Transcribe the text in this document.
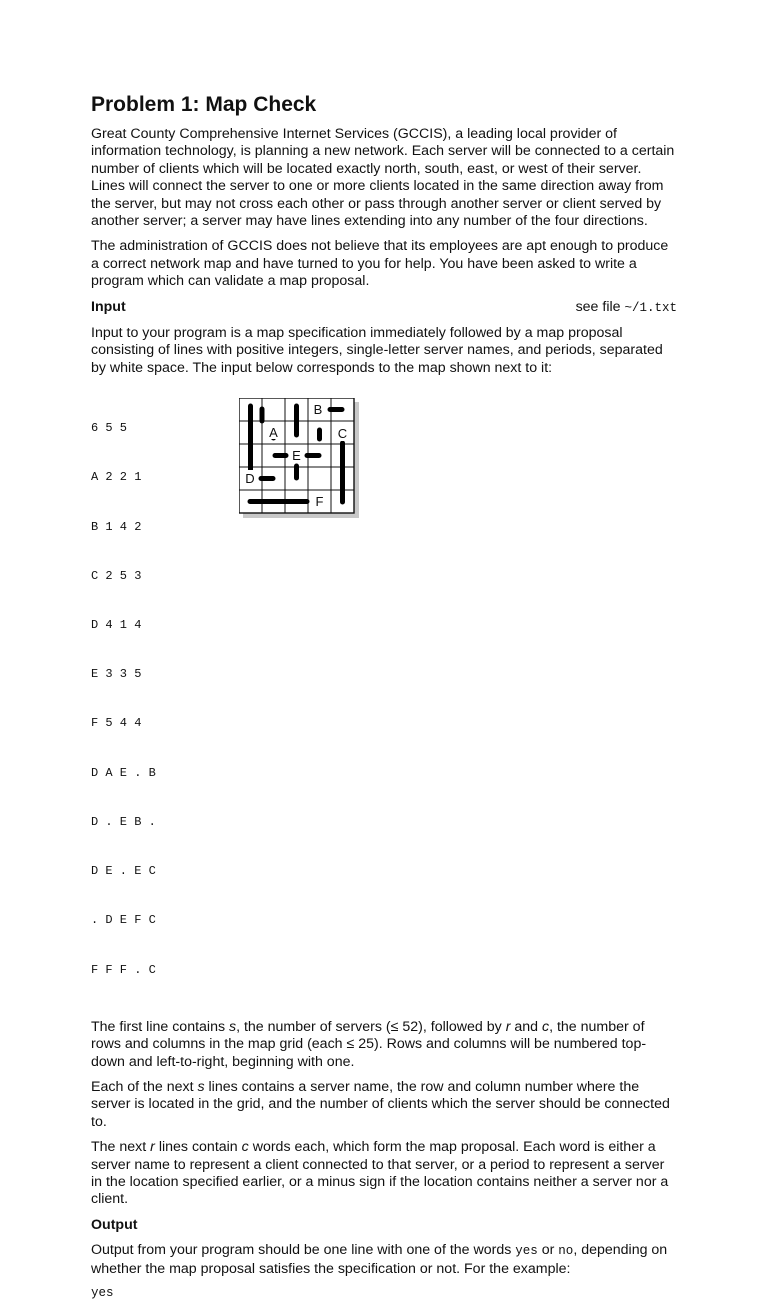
Problem 1: Map Check

Great County Comprehensive Internet Services (GCCIS), a leading local provider of information technology, is planning a new network. Each server will be connected to a certain number of clients which will be located exactly north, south, east, or west of their server. Lines will connect the server to one or more clients located in the same direction away from the server, but may not cross each other or pass through another server or client served by another server; a server may have lines extending into any number of the four directions.

The administration of GCCIS does not believe that its employees are apt enough to produce a correct network map and have turned to you for help. You have been asked to write a program which can validate a map proposal.

Input	see file ~/1.txt

Input to your program is a map specification immediately followed by a map proposal consisting of lines with positive integers, single-letter server names, and periods, separated by white space. The input below corresponds to the map shown next to it:

6 5 5

A 2 2 1

B 1 4 2

C 2 5 3

D 4 1 4

E 3 3 5

F 5 4 4

D A E . B

D . E B .

D E . E C

. D E F C

F F F . C

A
B
C
D
E
F

The first line contains s, the number of servers (≤ 52), followed by r and c, the number of rows and columns in the map grid (each ≤ 25). Rows and columns will be numbered top-down and left-to-right, beginning with one.

Each of the next s lines contains a server name, the row and column number where the server is located in the grid, and the number of clients which the server should be connected to.

The next r lines contain c words each, which form the map proposal. Each word is either a server name to represent a client connected to that server, or a period to represent a server in the location specified earlier, or a minus sign if the location contains neither a server nor a client.

Output

Output from your program should be one line with one of the words yes or no, depending on whether the map proposal satisfies the specification or not. For the example:

yes
